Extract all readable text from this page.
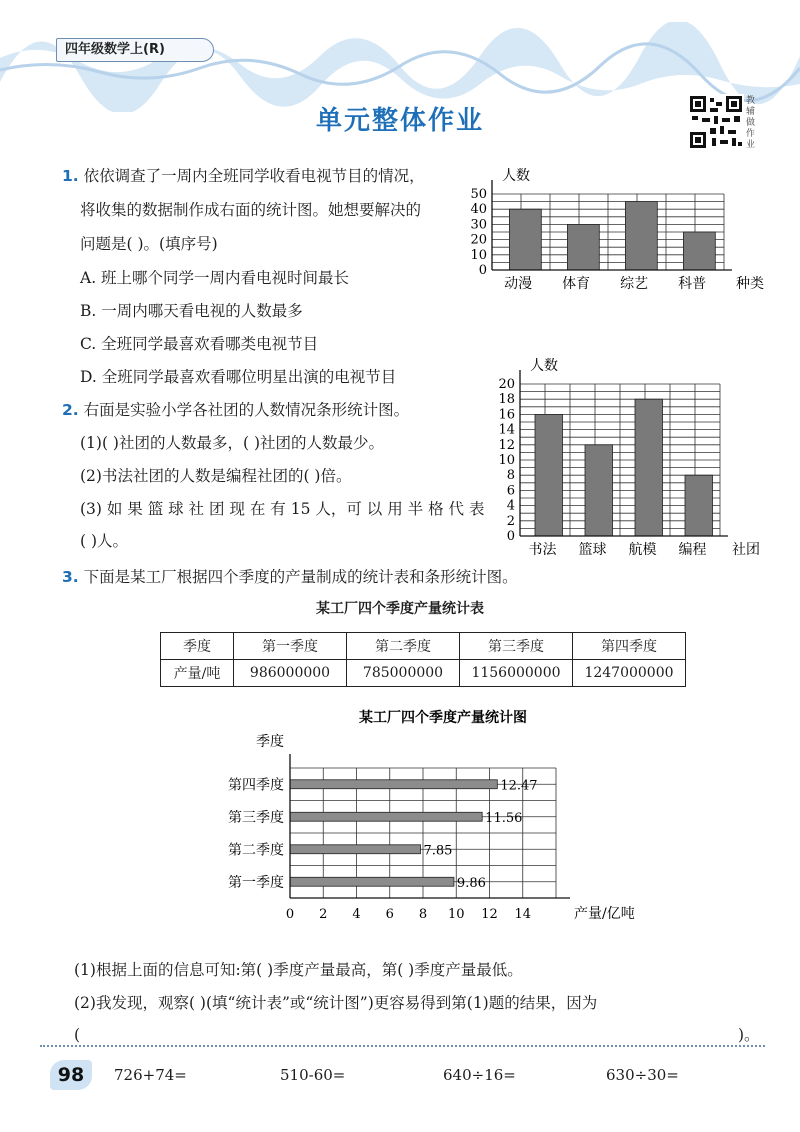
四年级数学上(R)
单元整体作业
教辅做作业
1. 依依调查了一周内全班同学收看电视节目的情况，
将收集的数据制作成右面的统计图。她想要解决的
问题是( )。(填序号)
A. 班上哪个同学一周内看电视时间最长
B. 一周内哪天看电视的人数最多
C. 全班同学最喜欢看哪类电视节目
D. 全班同学最喜欢看哪位明星出演的电视节目
0
10
20
30
40
50
动漫 体育 综艺 科普
人数
种类
2. 右面是实验小学各社团的人数情况条形统计图。
(1)( )社团的人数最多，( )社团的人数最少。
(2)书法社团的人数是编程社团的( )倍。
(3) 如 果 篮 球 社 团 现 在 有 15 人，可 以 用 半 格 代 表
( )人。	0
2
4
6
8
10
12
14
16
18
20
书法 篮球 航模 编程
人数
社团
3. 下面是某工厂根据四个季度的产量制成的统计表和条形统计图。
某工厂四个季度产量统计表
季度	第一季度	第二季度	第三季度	第四季度
产量/吨	986000000	785000000	1156000000	1247000000
9.86
第一季度
7.85
第二季度
11.56
第三季度
12.47
第四季度
0 2 4 6 8 10 12 14
季度
产量/亿吨
某工厂四个季度产量统计图
(1)根据上面的信息可知:第( )季度产量最高，第( )季度产量最低。
(2)我发现，观察( )(填“统计表”或“统计图”)更容易得到第(1)题的结果，因为
(	)。
98	726+74=	510-60=	640÷16=	630÷30=
